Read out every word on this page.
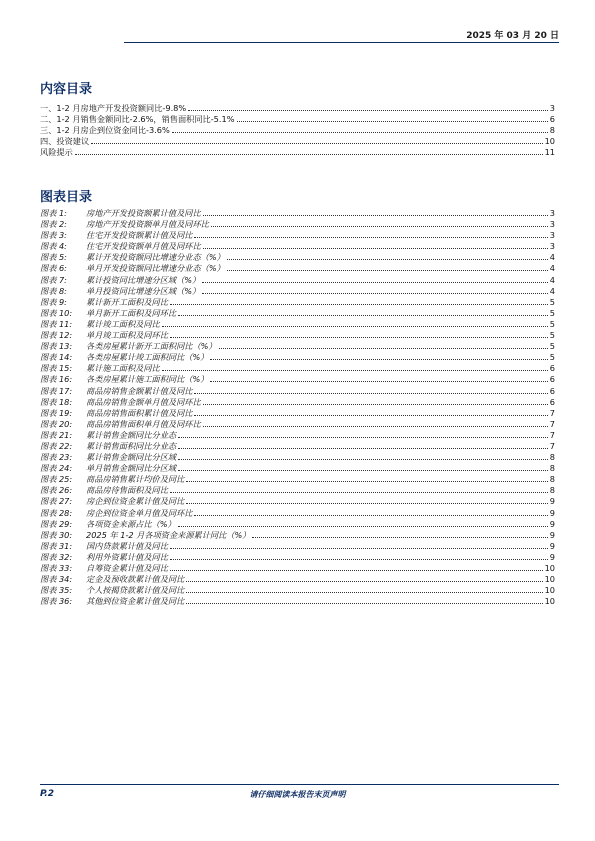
2025 年 03 月 20 日
内容目录
一、1-2 月房地产开发投资额同比-9.8%	3
二、1-2 月销售金额同比-2.6%，销售面积同比-5.1%	6
三、1-2 月房企到位资金同比-3.6%	8
四、投资建议	10
风险提示	11
图表目录
图表 1: 房地产开发投资额累计值及同比	3
图表 2: 房地产开发投资额单月值及同环比	3
图表 3: 住宅开发投资额累计值及同比	3
图表 4: 住宅开发投资额单月值及同环比	3
图表 5: 累计开发投资额同比增速分业态（%）	4
图表 6: 单月开发投资额同比增速分业态（%）	4
图表 7: 累计投资同比增速分区域（%）	4
图表 8: 单月投资同比增速分区域（%）	4
图表 9: 累计新开工面积及同比	5
图表 10: 单月新开工面积及同环比	5
图表 11: 累计竣工面积及同比	5
图表 12: 单月竣工面积及同环比	5
图表 13: 各类房屋累计新开工面积同比（%）	5
图表 14: 各类房屋累计竣工面积同比（%）	5
图表 15: 累计施工面积及同比	6
图表 16: 各类房屋累计施工面积同比（%）	6
图表 17: 商品房销售金额累计值及同比	6
图表 18: 商品房销售金额单月值及同环比	6
图表 19: 商品房销售面积累计值及同比	7
图表 20: 商品房销售面积单月值及同环比	7
图表 21: 累计销售金额同比分业态	7
图表 22: 累计销售面积同比分业态	7
图表 23: 累计销售金额同比分区域	8
图表 24: 单月销售金额同比分区域	8
图表 25: 商品房销售累计均价及同比	8
图表 26: 商品房待售面积及同比	8
图表 27: 房企到位资金累计值及同比	9
图表 28: 房企到位资金单月值及同环比	9
图表 29: 各项资金来源占比（%）	9
图表 30: 2025 年 1-2 月各项资金来源累计同比（%）	9
图表 31: 国内贷款累计值及同比	9
图表 32: 利用外资累计值及同比	9
图表 33: 自筹资金累计值及同比	10
图表 34: 定金及预收款累计值及同比	10
图表 35: 个人按揭贷款累计值及同比	10
图表 36: 其他到位资金累计值及同比	10
P.2	请仔细阅读本报告末页声明
